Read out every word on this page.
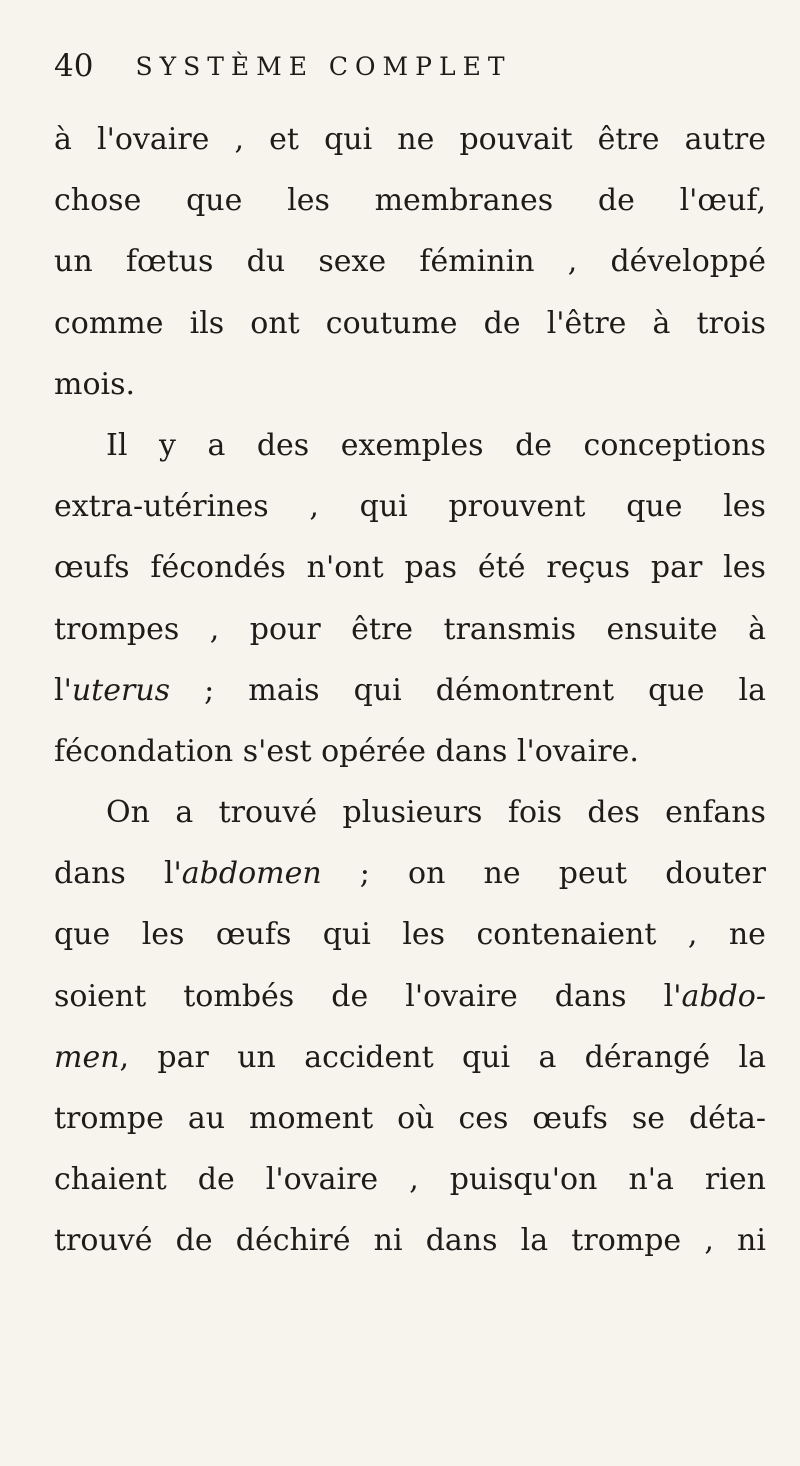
40 SYSTÈME COMPLET
à l'ovaire , et qui ne pouvait être autre
chose que les membranes de l'œuf,
un fœtus du sexe féminin , développé
comme ils ont coutume de l'être à trois
mois.
Il y a des exemples de conceptions
extra-utérines , qui prouvent que les
œufs fécondés n'ont pas été reçus par les
trompes , pour être transmis ensuite à
l'uterus ; mais qui démontrent que la
fécondation
s'est
opérée
dans
l'ovaire.
On a trouvé plusieurs fois des enfans
dans l'abdomen ; on ne peut douter
que les œufs qui les contenaient , ne
soient tombés de l'ovaire dans l'abdo-
men, par un accident qui a dérangé la
trompe au moment où ces œufs se déta-
chaient de l'ovaire , puisqu'on n'a rien
trouvé de déchiré ni dans la trompe , ni
